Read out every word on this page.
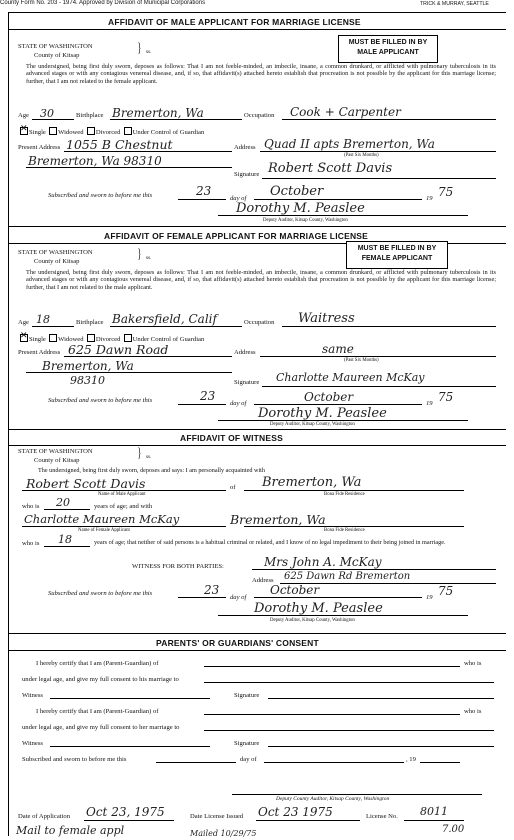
County Form No. 203 - 1974. Approved by Division of Municipal Corporations	TRICK & MURRAY, SEATTLE
AFFIDAVIT OF MALE APPLICANT FOR MARRIAGE LICENSE
MUST BE FILLED IN BY
MALE APPLICANT
STATE OF WASHINGTON
County of Kitsap	} ss.
The undersigned, being first duly sworn, deposes as follows: That I am not feeble-minded, an imbecile, insane, a common drunkard, or afflicted with pulmonary tuberculosis in its advanced stages or with any contagious venereal disease, and, if so, that affidavit(s) attached hereto establish that procreation is not possible by the applicant for this marriage license; further, that I am not related to the female applicant.
Age 30	Birthplace Bremerton, Wa	Occupation Cook + Carpenter
✕ Single Widowed Divorced Under Control of Guardian
Present Address 1055 B Chestnut
Bremerton, Wa 98310
Address Quad II apts Bremerton, Wa
(Past Six Months)
Signature Robert Scott Davis
Subscribed and sworn to before me this	23
day of October	19 75
Dorothy M. Peaslee
Deputy Auditor, Kitsap County, Washington
AFFIDAVIT OF FEMALE APPLICANT FOR MARRIAGE LICENSE
MUST BE FILLED IN BY
FEMALE APPLICANT
STATE OF WASHINGTON
County of Kitsap	} ss.
The undersigned, being first duly sworn, deposes as follows: That I am not feeble-minded, an imbecile, insane, a common drunkard, or afflicted with pulmonary tuberculosis in its advanced stages or with any contagious venereal disease, and, if so, that affidavit(s) attached hereto establish that procreation is not possible by the applicant for this marriage license; further, that I am not related to the male applicant.
Age 18	Birthplace Bakersfield, Calif	Occupation Waitress
✕ Single Widowed Divorced Under Control of Guardian
Present Address 625 Dawn Road
Bremerton, Wa
98310
Address	same
(Past Six Months)
Signature Charlotte Maureen McKay
Subscribed and sworn to before me this	23
day of	October	19 75
Dorothy M. Peaslee
Deputy Auditor, Kitsap County, Washington
AFFIDAVIT OF WITNESS
STATE OF WASHINGTON
County of Kitsap	} ss.
The undersigned, being first duly sworn, deposes and says: I am personally acquainted with
Robert Scott Davis	of Bremerton, Wa
Name of Male Applicant	Bona Fide Residence
who is 20	years of age; and with
Charlotte Maureen McKay	Bremerton, Wa
Name of Female Applicant	Bona Fide Residence
who is 18	years of age; that neither of said persons is a habitual criminal or related, and I know of no legal impediment to their being joined in marriage.
WITNESS FOR BOTH PARTIES:	Mrs John A. McKay
Address 625 Dawn Rd Bremerton
Subscribed and sworn to before me this	23
day of
October
19 75
Dorothy M. Peaslee
Deputy Auditor, Kitsap County, Washington
PARENTS' OR GUARDIANS' CONSENT
I hereby certify that I am (Parent-Guardian) of	who is
under legal age, and give my full consent to his marriage to
Witness	Signature
I hereby certify that I am (Parent-Guardian) of	who is
under legal age, and give my full consent to her marriage to
Witness	Signature
Subscribed and sworn to before me this	day of	, 19
Deputy County Auditor, Kitsap County, Washington
Date of Application Oct 23, 1975	Date License Issued Oct 23 1975	License No. 8011
Mail to female appl	7.00
Mailed 10/29/75
